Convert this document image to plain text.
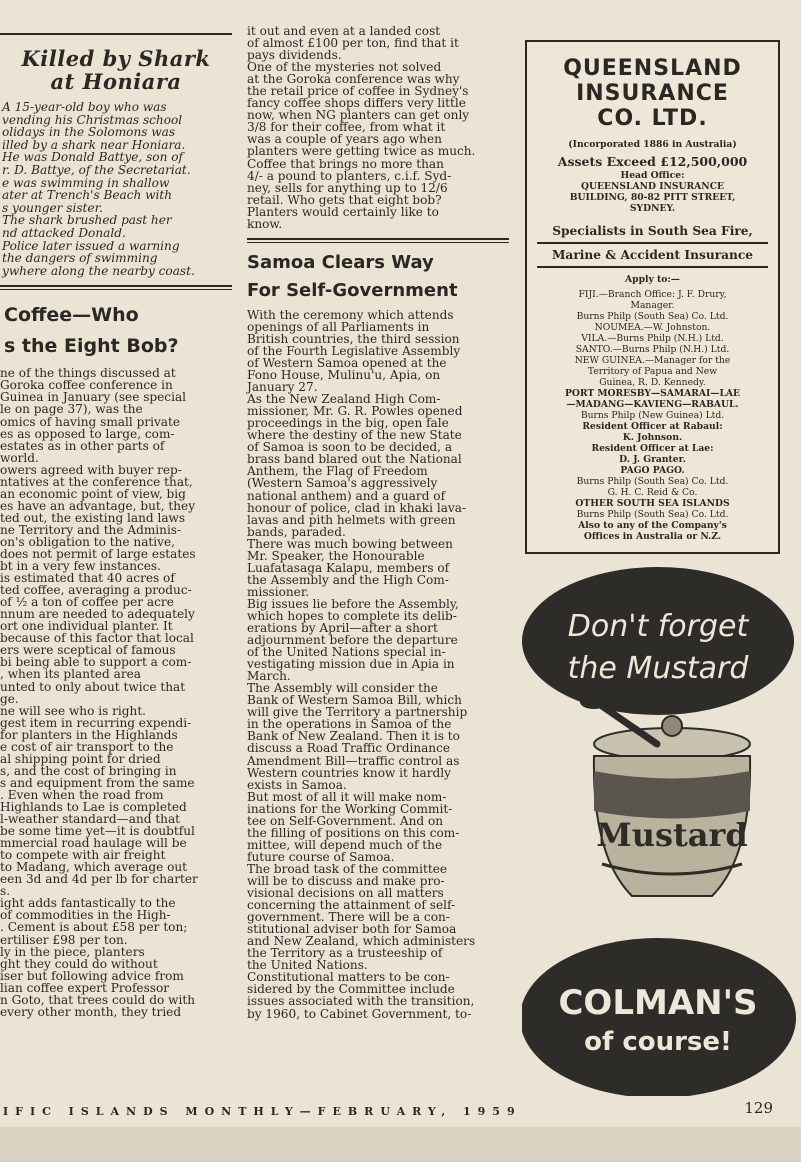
Killed by Shark
at Honiara

A 15-year-old boy who was
vending his Christmas school
olidays in the Solomons was
illed by a shark near Honiara.
He was Donald Battye, son of
r. D. Battye, of the Secretariat.
e was swimming in shallow
ater at Trench's Beach with
s younger sister.
The shark brushed past her
nd attacked Donald.
Police later issued a warning
the dangers of swimming
ywhere along the nearby coast.

Coffee—Who
s the Eight Bob?

ne of the things discussed at
Goroka coffee conference in
Guinea in January (see special
le on page 37), was the
omics of having small private
es as opposed to large, com-
estates as in other parts of
world.
owers agreed with buyer rep-
ntatives at the conference that,
an economic point of view, big
es have an advantage, but, they
ted out, the existing land laws
ne Territory and the Adminis-
on's obligation to the native,
does not permit of large estates
bt in a very few instances.
is estimated that 40 acres of
ted coffee, averaging a produc-
of ½ a ton of coffee per acre
nnum are needed to adequately
ort one individual planter. It
because of this factor that local
ers were sceptical of famous
bi being able to support a com-
, when its planted area
unted to only about twice that
ge.
ne will see who is right.
gest item in recurring expendi-
for planters in the Highlands
e cost of air transport to the
al shipping point for dried
s, and the cost of bringing in
s and equipment from the same
. Even when the road from
Highlands to Lae is completed
l-weather standard—and that
be some time yet—it is doubtful
mmercial road haulage will be
to compete with air freight
to Madang, which average out
een 3d and 4d per lb for charter
s.
ight adds fantastically to the
of commodities in the High-
. Cement is about £58 per ton;
ertiliser £98 per ton.
ly in the piece, planters
ght they could do without
iser but following advice from
lian coffee expert Professor
n Goto, that trees could do with
every other month, they tried

it out and even at a landed cost
of almost £100 per ton, find that it
pays dividends.
One of the mysteries not solved
at the Goroka conference was why
the retail price of coffee in Sydney's
fancy coffee shops differs very little
now, when NG planters can get only
3/8 for their coffee, from what it
was a couple of years ago when
planters were getting twice as much.
Coffee that brings no more than
4/- a pound to planters, c.i.f. Syd-
ney, sells for anything up to 12/6
retail. Who gets that eight bob?
Planters would certainly like to
know.

Samoa Clears Way
For Self-Government

With the ceremony which attends
openings of all Parliaments in
British countries, the third session
of the Fourth Legislative Assembly
of Western Samoa opened at the
Fono House, Mulinu'u, Apia, on
January 27.
As the New Zealand High Com-
missioner, Mr. G. R. Powles opened
proceedings in the big, open fale
where the destiny of the new State
of Samoa is soon to be decided, a
brass band blared out the National
Anthem, the Flag of Freedom
(Western Samoa's aggressively
national anthem) and a guard of
honour of police, clad in khaki lava-
lavas and pith helmets with green
bands, paraded.
There was much bowing between
Mr. Speaker, the Honourable
Luafatasaga Kalapu, members of
the Assembly and the High Com-
missioner.
Big issues lie before the Assembly,
which hopes to complete its delib-
erations by April—after a short
adjournment before the departure
of the United Nations special in-
vestigating mission due in Apia in
March.
The Assembly will consider the
Bank of Western Samoa Bill, which
will give the Territory a partnership
in the operations in Samoa of the
Bank of New Zealand. Then it is to
discuss a Road Traffic Ordinance
Amendment Bill—traffic control as
Western countries know it hardly
exists in Samoa.
But most of all it will make nom-
inations for the Working Commit-
tee on Self-Government. And on
the filling of positions on this com-
mittee, will depend much of the
future course of Samoa.
The broad task of the committee
will be to discuss and make pro-
visional decisions on all matters
concerning the attainment of self-
government. There will be a con-
stitutional adviser both for Samoa
and New Zealand, which administers
the Territory as a trusteeship of
the United Nations.
Constitutional matters to be con-
sidered by the Committee include
issues associated with the transition,
by 1960, to Cabinet Government, to-

QUEENSLAND
INSURANCE
CO. LTD.

(Incorporated 1886 in Australia)

Assets Exceed £12,500,000

Head Office:

QUEENSLAND INSURANCE
BUILDING, 80-82 PITT STREET,
SYDNEY.

Specialists in South Sea Fire,

Marine & Accident Insurance

Apply to:—

FIJI.—Branch Office: J. F. Drury,
Manager.

Burns Philp (South Sea) Co. Ltd.

NOUMEA.—W. Johnston.

VILA.—Burns Philp (N.H.) Ltd.

SANTO.—Burns Philp (N.H.) Ltd.

NEW GUINEA.—Manager for the
Territory of Papua and New
Guinea, R. D. Kennedy.

PORT MORESBY—SAMARAI—LAE
—MADANG—KAVIENG—RABAUL.

Burns Philp (New Guinea) Ltd.

Resident Officer at Rabaul:
K. Johnson.

Resident Officer at Lae:
D. J. Granter.

PAGO PAGO.

Burns Philp (South Sea) Co. Ltd.
G. H. C. Reid & Co.

OTHER SOUTH SEA ISLANDS

Burns Philp (South Sea) Co. Ltd.

Also to any of the Company's
Offices in Australia or N.Z.

Don't forget
the Mustard
Mustard
COLMAN'S
of course!
IFIC ISLANDS MONTHLY—FEBRUARY, 1959	129
